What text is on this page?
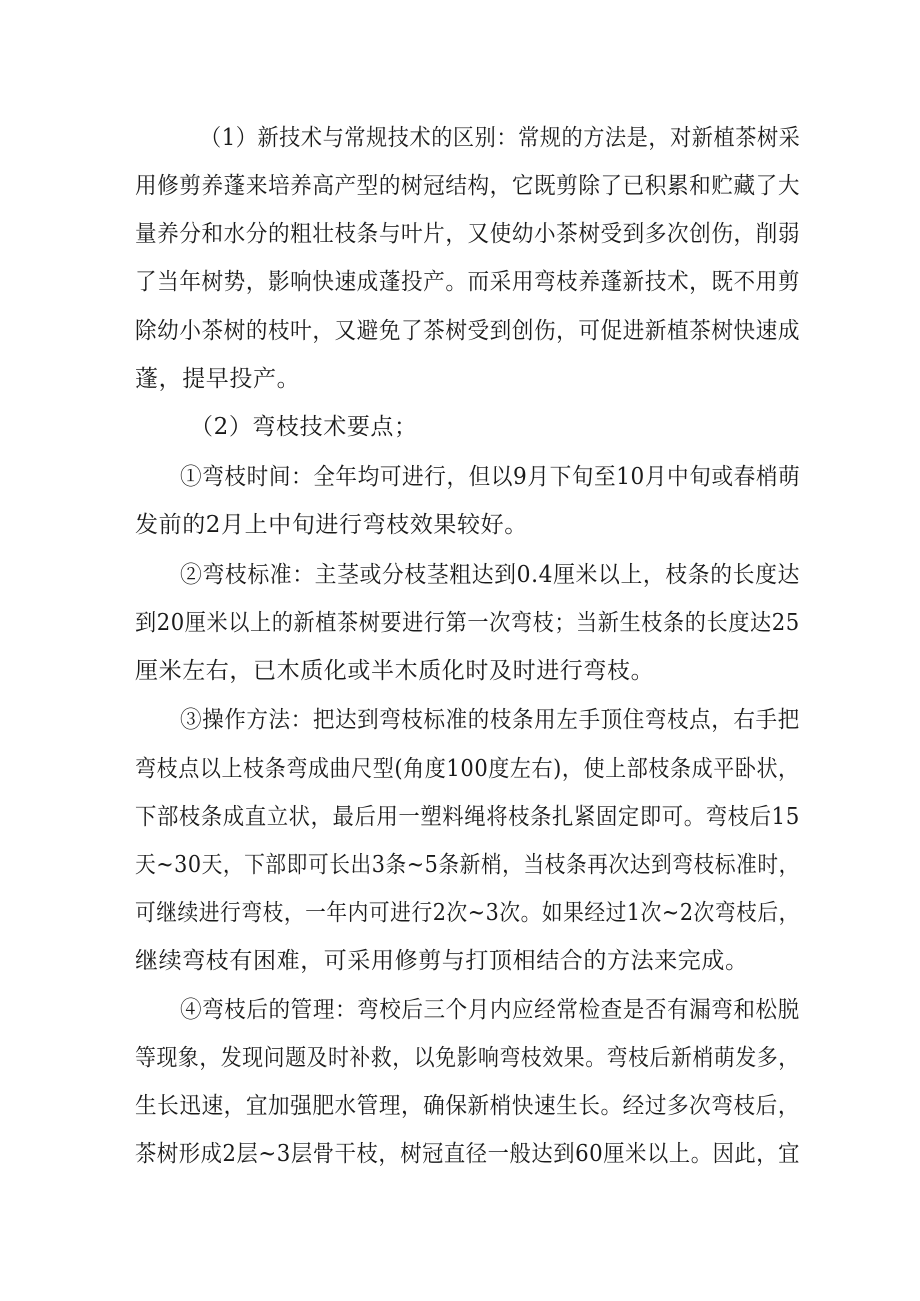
（1）新技术与常规技术的区别：常规的方法是，对新植茶树采
用修剪养蓬来培养高产型的树冠结构，它既剪除了已积累和贮藏了大
量养分和水分的粗壮枝条与叶片，又使幼小茶树受到多次创伤，削弱
了当年树势，影响快速成蓬投产。而采用弯枝养蓬新技术，既不用剪
除幼小茶树的枝叶，又避免了茶树受到创伤，可促进新植茶树快速成
蓬，提早投产。
（2）弯枝技术要点；
①弯枝时间：全年均可进行，但以9月下旬至10月中旬或春梢萌
发前的2月上中旬进行弯枝效果较好。
②弯枝标准：主茎或分枝茎粗达到0.4厘米以上，枝条的长度达
到20厘米以上的新植茶树要进行第一次弯枝；当新生枝条的长度达25
厘米左右，已木质化或半木质化时及时进行弯枝。
③操作方法：把达到弯枝标准的枝条用左手顶住弯枝点，右手把
弯枝点以上枝条弯成曲尺型(角度100度左右)，使上部枝条成平卧状，
下部枝条成直立状，最后用一塑料绳将枝条扎紧固定即可。弯枝后15
天~30天，下部即可长出3条~5条新梢，当枝条再次达到弯枝标准时，
可继续进行弯枝，一年内可进行2次~3次。如果经过1次~2次弯枝后，
继续弯枝有困难，可采用修剪与打顶相结合的方法来完成。
④弯枝后的管理：弯校后三个月内应经常检查是否有漏弯和松脱
等现象，发现问题及时补救，以免影响弯枝效果。弯枝后新梢萌发多，
生长迅速，宜加强肥水管理，确保新梢快速生长。经过多次弯枝后，
茶树形成2层~3层骨干枝，树冠直径一般达到60厘米以上。因此，宜
